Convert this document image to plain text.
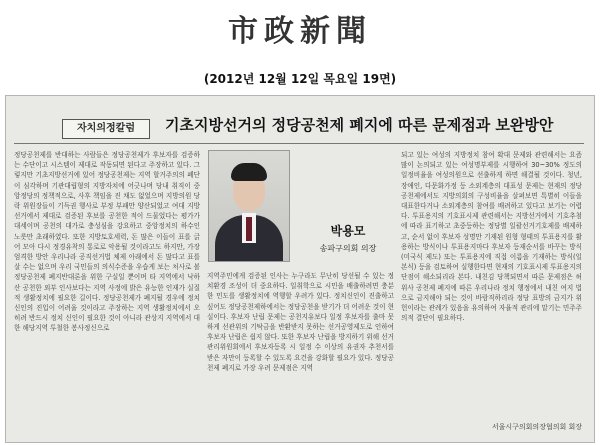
市政新聞
(2012년 12월 12일 목요일 19면)
자치의정칼럼	기초지방선거의 정당공천제 폐지에 따른 문제점과 보완방안
정당공천제를 반대하는 사람들은 정당공천제가 후보자를 검증하는 수단이고 시스템이 제대로 작동되면 된다고 주장하고 있다. 그렇지만 기초지방선거에 있어 정당공천제는 지역 할거주의의 폐단이 심각하며 기관대립형의 지방자치에 어긋나며 당내 취직이 중앙정당의 정책적으로, 사후 책임을 진 채도 없었으며 지방의원 당락 위원장들이 기득권 행사로 부정 부패만 양산되었고 여대 지방선거에서 제대로 검증된 후보를 공천한 적이 드물었다는 평가가 대세이며 공천의 대가로 충성심을 강요하고 중앙정치의 하수인 노릇만 초래하였다. 또한 지방토호세력, 돈 많은 이들이 표를 긁어 모아 다시 정경유착의 통로로 악용될 것이라고도 하지만, 가장 엄격한 방안 우리나라 공직선거법 체제 아래에서 돈 많다고 표를 살 수는 없으며 우리 국민들의 의식수준을 우습게 보는 처사로 볼 정당공천제 폐지반대론을 위한 구실일 뿐이며 타 지역에서 낙하산 공천한 외부 인사보다는 지역 사정에 밝은 유능한 인재가 실질적 생활정치에 필요한 길이다. 정당공천제가 폐지될 경우에 정치신인의 진입이 어려울 것이라고 주장하는 지역 생활정치에서 오히려 반드시 정치 신인이 필요한 것이 아니라 관상지 지역에서 대한 해당지역 투철한 봉사정신으로
박용모
송파구의회 의장
지역주민에게 검증된 인사는 누구라도 무난히 당선될 수 있는 정치환경 조성이 더 중요하다. 일취학으로 시민을 배출하려면 충분한 민도를 생활정치에 역행할 우려가 있다. 정치신인이 진출하고 싶어도 정당공천제하에서는 정당공천을 받기가 더 어려운 것이 현실이다. 후보자 난립 문제는 공천지유보다 일정 후보자를 출마 못하게 선관위의 기탁금을 반환받지 못하는 선거공영제도로 인하여 후보자 난립은 쉽지 않다. 또한 후보자 난립을 방지하기 위해 선거관리위원회에서 후보자등록 시 일정 수 이상의 유권자 추천서를 받은 자만이 등록할 수 있도록 요건을 강화할 필요가 있다. 정당공천제 폐지로 가장 우려 문제점은 지역
되고 있는 여성의 지방정치 참여 확대 문제와 관련해서는 요즘 많이 논의되고 있는 여성명부제를 시행하여 30~30% 정도의 일정비율을 여성의원으로 선출하게 하면 해결될 것이다. 청년, 장애인, 다문화가정 등 소외계층의 대표성 문제는 현재의 정당공천제에서도 지방의회의 구성비율을 살펴보면 특별히 이들을 대표한다거나 소외계층의 참여를 배려하고 있다고 보기는 어렵다. 투표용지의 기호표시제 관련해서는 지방선거에서 기호추첨에 따라 표기하고 초중등하는 정당별 일괄선거기호제를 배제하고, 순서 없이 후보자 성명만 기재된 원형 형태의 투표용지를 활용하는 방식이나 투표용지마다 후보자 등재순서를 바꾸는 방식(미국식 제도) 또는 투표용지에 직접 이름을 기재하는 방식(일본식) 등을 검토하여 실행한다면 현재의 기호표시제 투표용지의 단점이 해소되리라 본다. 내친김 당책되면서 따른 문제점은 허위사 공천제 폐지에 따른 우리나라 정치 행정에서 내친 여지 법으로 금지해야 되는 것이 바람직하리라 정당 표방의 금지가 위헌이라는 관례가 있음을 유의하여 자율적 관리에 맡기는 민주주의적 결단이 필요하다.
서울시구의회의장협의회 회장
